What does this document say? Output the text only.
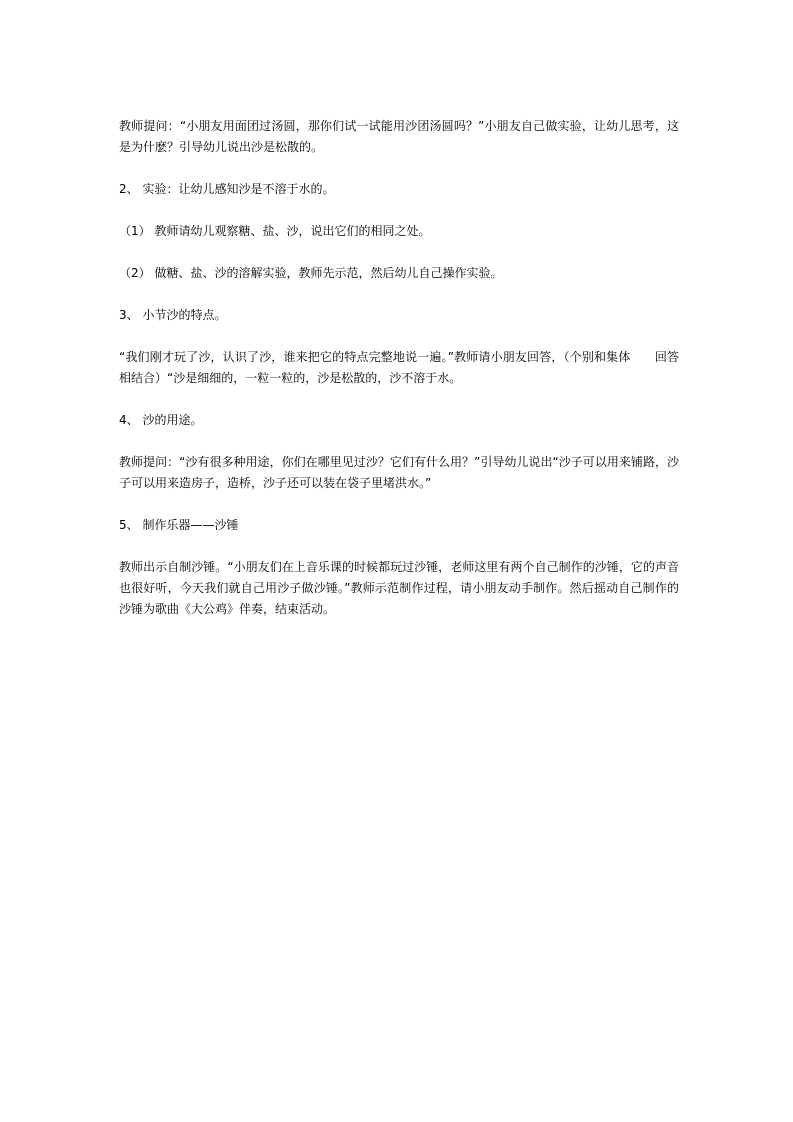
教师提问：“小朋友用面团过汤圆，那你们试一试能用沙团汤圆吗？”小朋友自己做实验，让幼儿思考，这是为什麽？引导幼儿说出沙是松散的。

2、 实验：让幼儿感知沙是不溶于水的。

（1） 教师请幼儿观察糖、盐、沙，说出它们的相同之处。

（2） 做糖、盐、沙的溶解实验，教师先示范，然后幼儿自己操作实验。

3、 小节沙的特点。

“我们刚才玩了沙，认识了沙，谁来把它的特点完整地说一遍。”教师请小朋友回答，（个别和集体　　回答相结合）“沙是细细的，一粒一粒的，沙是松散的，沙不溶于水。

4、 沙的用途。

教师提问：“沙有很多种用途，你们在哪里见过沙？它们有什么用？”引导幼儿说出“沙子可以用来铺路，沙子可以用来造房子，造桥，沙子还可以装在袋子里堵洪水。”

5、 制作乐器——沙锤

教师出示自制沙锤。“小朋友们在上音乐课的时候都玩过沙锤，老师这里有两个自己制作的沙锤，它的声音也很好听，今天我们就自己用沙子做沙锤。”教师示范制作过程，请小朋友动手制作。然后摇动自己制作的沙锤为歌曲《大公鸡》伴奏，结束活动。
